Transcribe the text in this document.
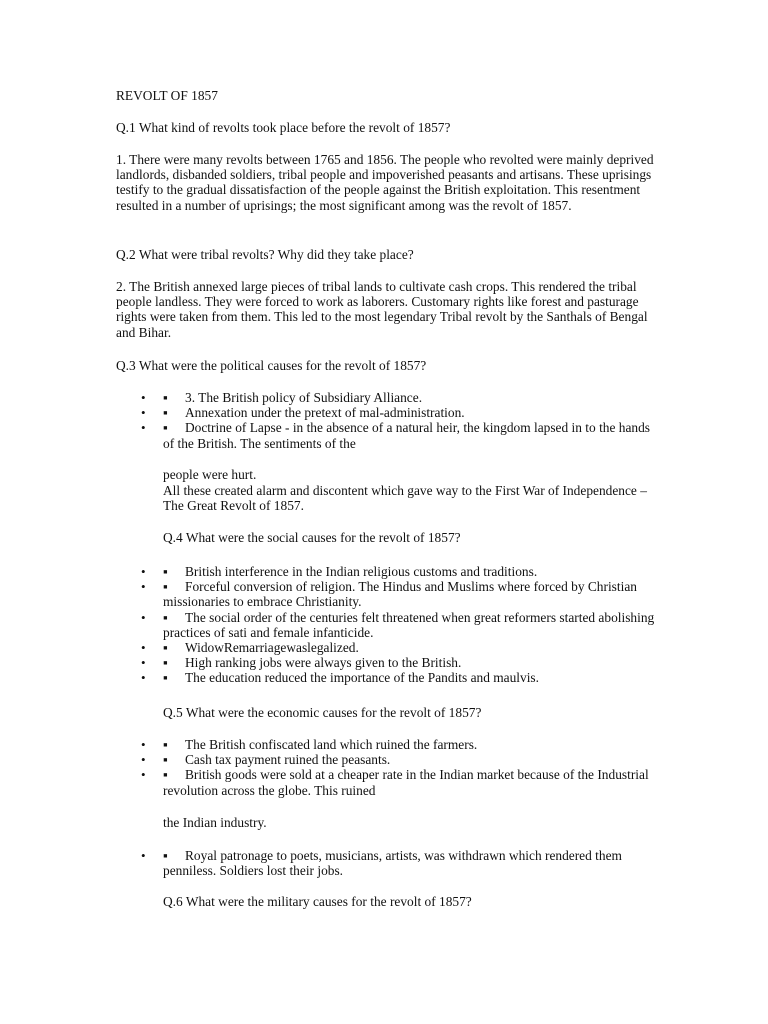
REVOLT OF 1857

Q.1 What kind of revolts took place before the revolt of 1857?

1. There were many revolts between 1765 and 1856. The people who revolted were mainly deprived landlords, disbanded soldiers, tribal people and impoverished peasants and artisans. These uprisings testify to the gradual dissatisfaction of the people against the British exploitation. This resentment resulted in a number of uprisings; the most significant among was the revolt of 1857.

Q.2 What were tribal revolts? Why did they take place?

2. The British annexed large pieces of tribal lands to cultivate cash crops. This rendered the tribal people landless. They were forced to work as laborers. Customary rights like forest and pasturage rights were taken from them. This led to the most legendary Tribal revolt by the Santhals of Bengal and Bihar.

Q.3 What were the political causes for the revolt of 1857?

• ▪ 3. The British policy of Subsidiary Alliance.
• ▪ Annexation under the pretext of mal-administration.
• ▪ Doctrine of Lapse - in the absence of a natural heir, the kingdom lapsed in to the hands of the British. The sentiments of the

people were hurt.

All these created alarm and discontent which gave way to the First War of Independence – The Great Revolt of 1857.

Q.4 What were the social causes for the revolt of 1857?

• ▪ British interference in the Indian religious customs and traditions.
• ▪ Forceful conversion of religion. The Hindus and Muslims where forced by Christian missionaries to embrace Christianity.
• ▪ The social order of the centuries felt threatened when great reformers started abolishing practices of sati and female infanticide.
• ▪ WidowRemarriagewaslegalized.
• ▪ High ranking jobs were always given to the British.
• ▪ The education reduced the importance of the Pandits and maulvis.

Q.5 What were the economic causes for the revolt of 1857?

• ▪ The British confiscated land which ruined the farmers.
• ▪ Cash tax payment ruined the peasants.
• ▪ British goods were sold at a cheaper rate in the Indian market because of the Industrial revolution across the globe. This ruined

the Indian industry.

• ▪ Royal patronage to poets, musicians, artists, was withdrawn which rendered them penniless. Soldiers lost their jobs.

Q.6 What were the military causes for the revolt of 1857?
